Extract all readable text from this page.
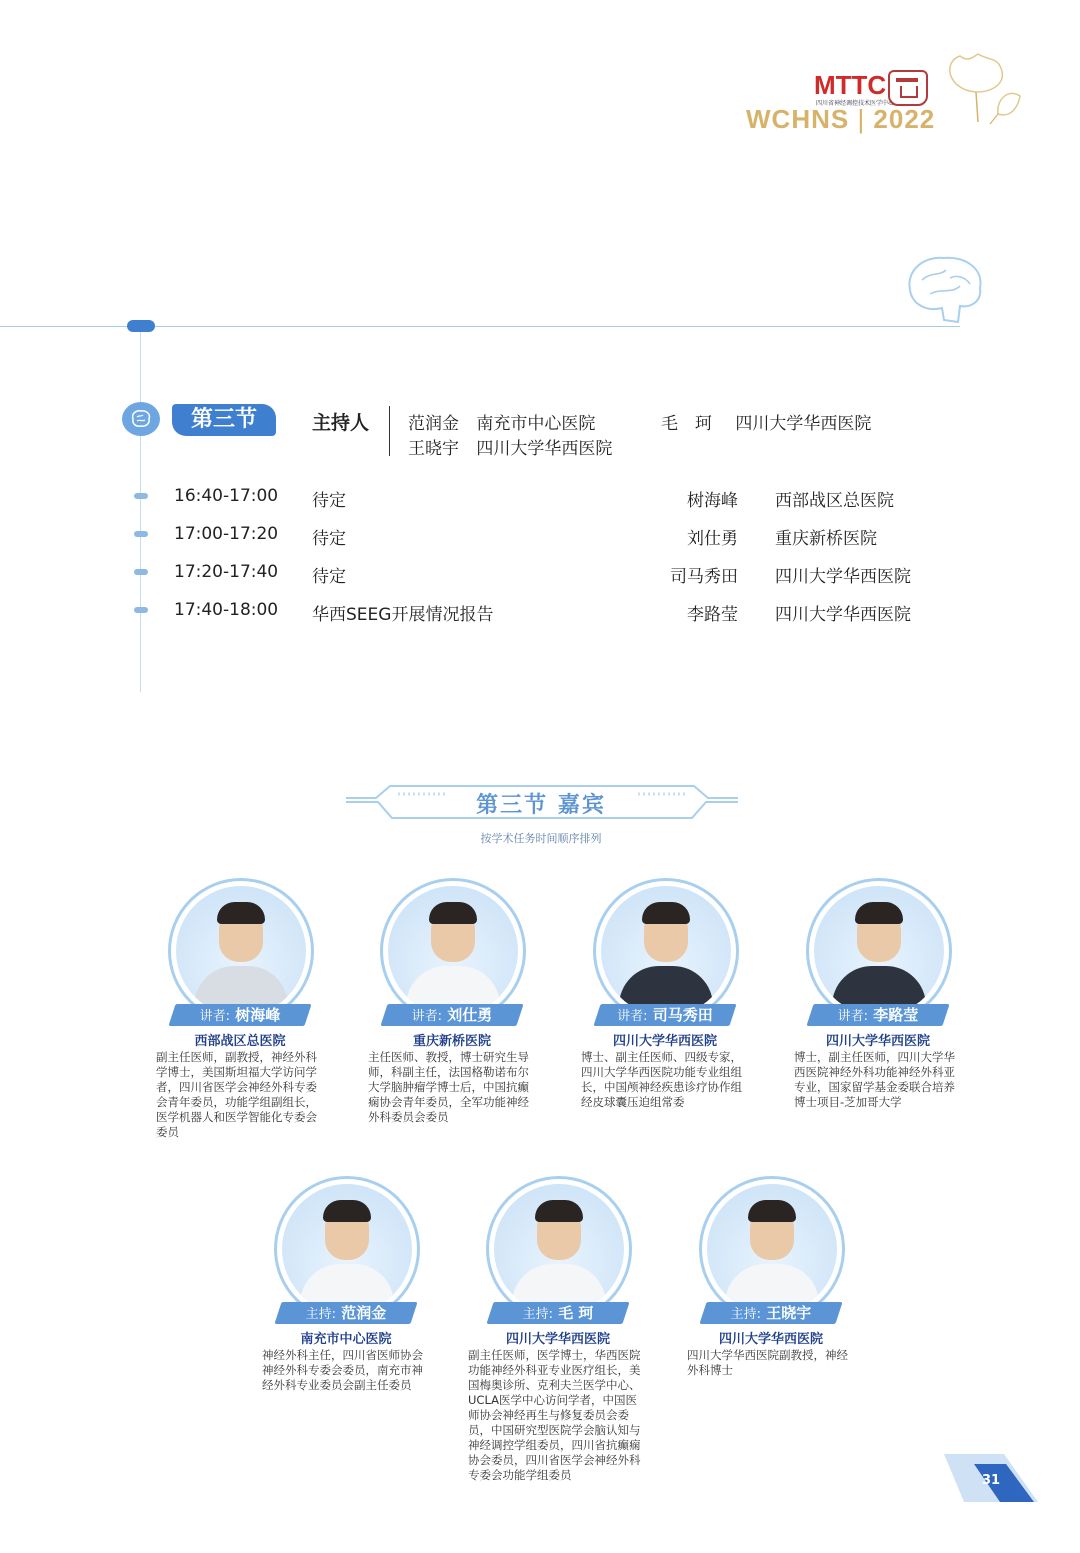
MTTC
四川省神经调控技术医学中心
WCHNS | 2022
第三节	主持人 范润金 南充市中心医院	毛　珂 四川大学华西医院
王晓宇 四川大学华西医院
16:40-17:00 待定	树海峰 西部战区总医院
17:00-17:20 待定	刘仕勇 重庆新桥医院
17:20-17:40 待定	司马秀田 四川大学华西医院
17:40-18:00 华西SEEG开展情况报告	李路莹 四川大学华西医院
第三节 嘉宾
按学术任务时间顺序排列
讲者: 树海峰
西部战区总医院
副主任医师，副教授，神经外科学博士，美国斯坦福大学访问学者，四川省医学会神经外科专委会青年委员，功能学组副组长，医学机器人和医学智能化专委会委员
讲者: 刘仕勇
重庆新桥医院
主任医师、教授，博士研究生导师，科副主任，法国格勒诺布尔大学脑肿瘤学博士后，中国抗癫痫协会青年委员，全军功能神经外科委员会委员
讲者: 司马秀田
四川大学华西医院
博士、副主任医师、四级专家，四川大学华西医院功能专业组组长，中国颅神经疾患诊疗协作组经皮球囊压迫组常委
讲者: 李路莹
四川大学华西医院
博士，副主任医师，四川大学华西医院神经外科功能神经外科亚专业，国家留学基金委联合培养博士项目-芝加哥大学
主持: 范润金
南充市中心医院
神经外科主任，四川省医师协会神经外科专委会委员，南充市神经外科专业委员会副主任委员
主持: 毛 珂
四川大学华西医院
副主任医师，医学博士，华西医院功能神经外科亚专业医疗组长，美国梅奥诊所、克利夫兰医学中心、UCLA医学中心访问学者，中国医师协会神经再生与修复委员会委员，中国研究型医院学会脑认知与神经调控学组委员，四川省抗癫痫协会委员，四川省医学会神经外科专委会功能学组委员
主持: 王晓宇
四川大学华西医院
四川大学华西医院副教授，神经外科博士
31
